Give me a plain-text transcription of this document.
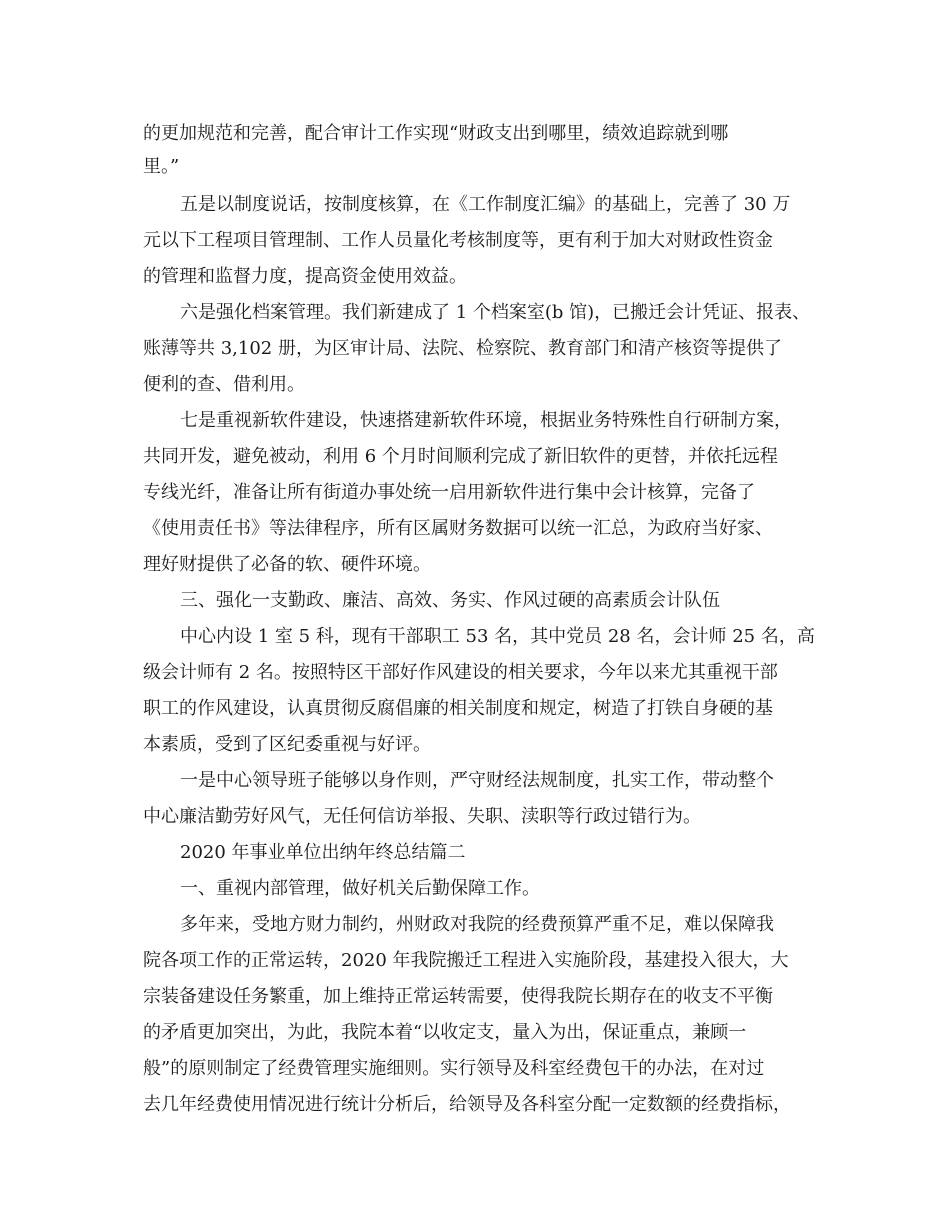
的更加规范和完善，配合审计工作实现“财政支出到哪里，绩效追踪就到哪
里。”
五是以制度说话，按制度核算，在《工作制度汇编》的基础上，完善了 30 万
元以下工程项目管理制、工作人员量化考核制度等，更有利于加大对财政性资金
的管理和监督力度，提高资金使用效益。
六是强化档案管理。我们新建成了 1 个档案室(b 馆)，已搬迁会计凭证、报表、
账薄等共 3,102 册，为区审计局、法院、检察院、教育部门和清产核资等提供了
便利的查、借利用。
七是重视新软件建设，快速搭建新软件环境，根据业务特殊性自行研制方案，
共同开发，避免被动，利用 6 个月时间顺利完成了新旧软件的更替，并依托远程
专线光纤，准备让所有街道办事处统一启用新软件进行集中会计核算，完备了
《使用责任书》等法律程序，所有区属财务数据可以统一汇总，为政府当好家、
理好财提供了必备的软、硬件环境。
三、强化一支勤政、廉洁、高效、务实、作风过硬的高素质会计队伍
中心内设 1 室 5 科，现有干部职工 53 名，其中党员 28 名，会计师 25 名，高
级会计师有 2 名。按照特区干部好作风建设的相关要求，今年以来尤其重视干部
职工的作风建设，认真贯彻反腐倡廉的相关制度和规定，树造了打铁自身硬的基
本素质，受到了区纪委重视与好评。
一是中心领导班子能够以身作则，严守财经法规制度，扎实工作，带动整个
中心廉洁勤劳好风气，无任何信访举报、失职、渎职等行政过错行为。
2020 年事业单位出纳年终总结篇二
一、重视内部管理，做好机关后勤保障工作。
多年来，受地方财力制约，州财政对我院的经费预算严重不足，难以保障我
院各项工作的正常运转，2020 年我院搬迁工程进入实施阶段，基建投入很大，大
宗装备建设任务繁重，加上维持正常运转需要，使得我院长期存在的收支不平衡
的矛盾更加突出，为此，我院本着“以收定支，量入为出，保证重点，兼顾一
般”的原则制定了经费管理实施细则。实行领导及科室经费包干的办法，在对过
去几年经费使用情况进行统计分析后，给领导及各科室分配一定数额的经费指标，
